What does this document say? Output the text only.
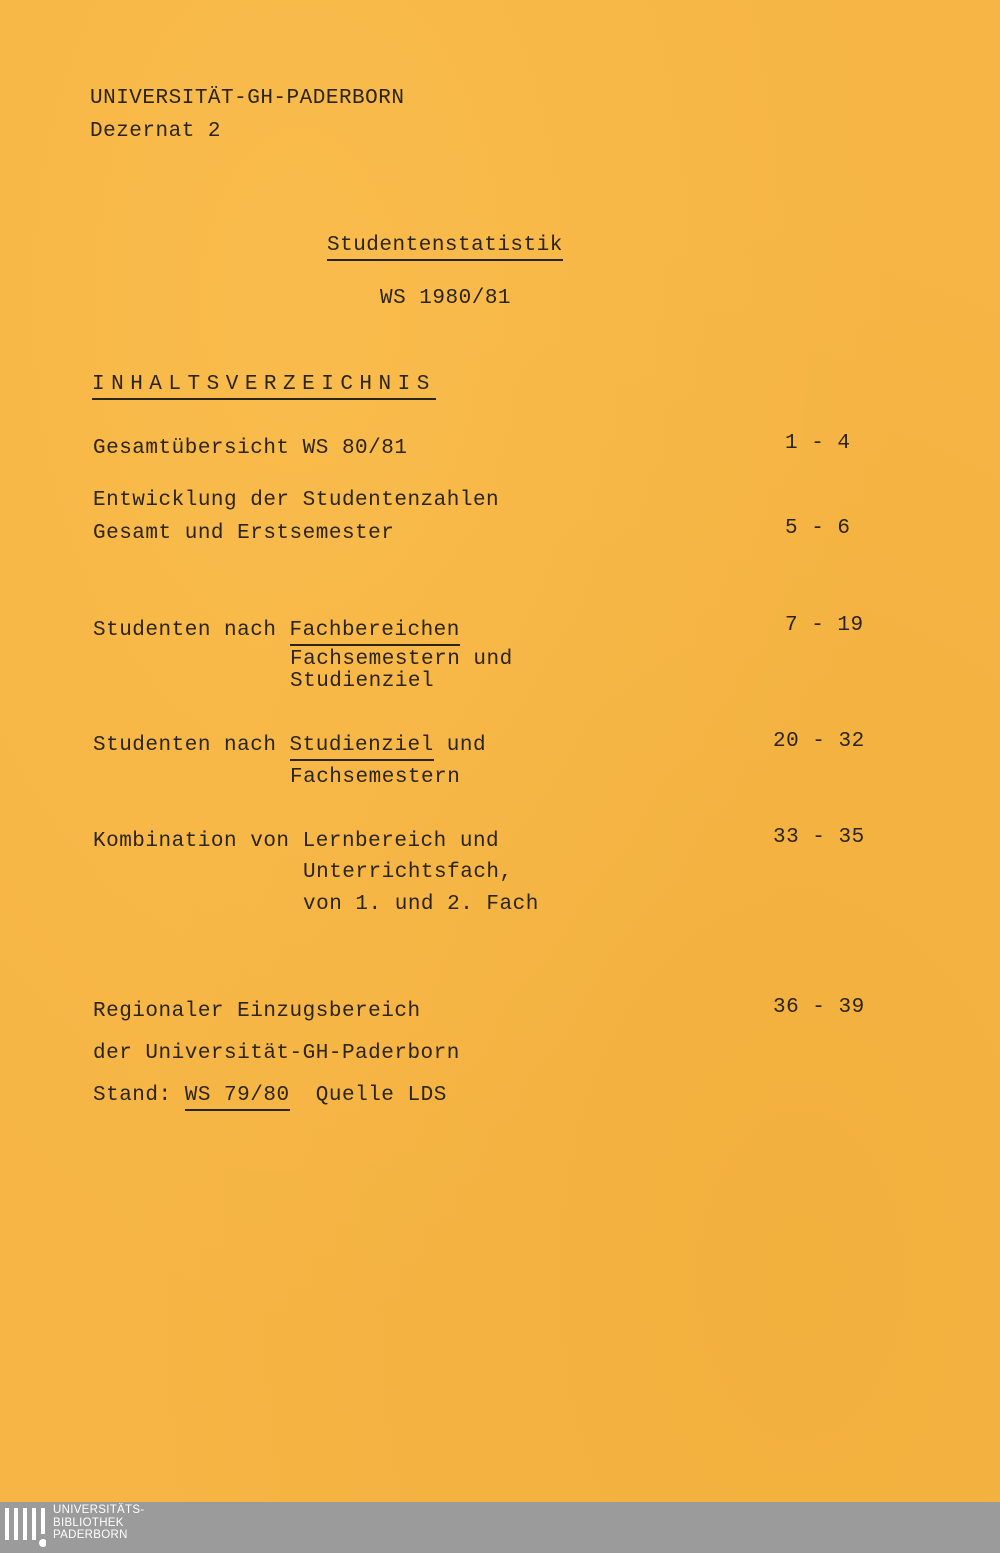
UNIVERSITÄT-GH-PADERBORN
Dezernat 2
Studentenstatistik
WS 1980/81
INHALTSVERZEICHNIS
Gesamtübersicht WS 80/81	1 - 4
Entwicklung der Studentenzahlen
Gesamt und Erstsemester	5 - 6
Studenten nach Fachbereichen
Fachsemestern und
Studienziel
7 - 19
Studenten nach Studienziel und
Fachsemestern
20 - 32
Kombination von Lernbereich und
Unterrichtsfach,
von 1. und 2. Fach
33 - 35
Regionaler Einzugsbereich
der Universität-GH-Paderborn
Stand: WS 79/80 Quelle LDS
36 - 39
UNIVERSITÄTS-
BIBLIOTHEK
PADERBORN
